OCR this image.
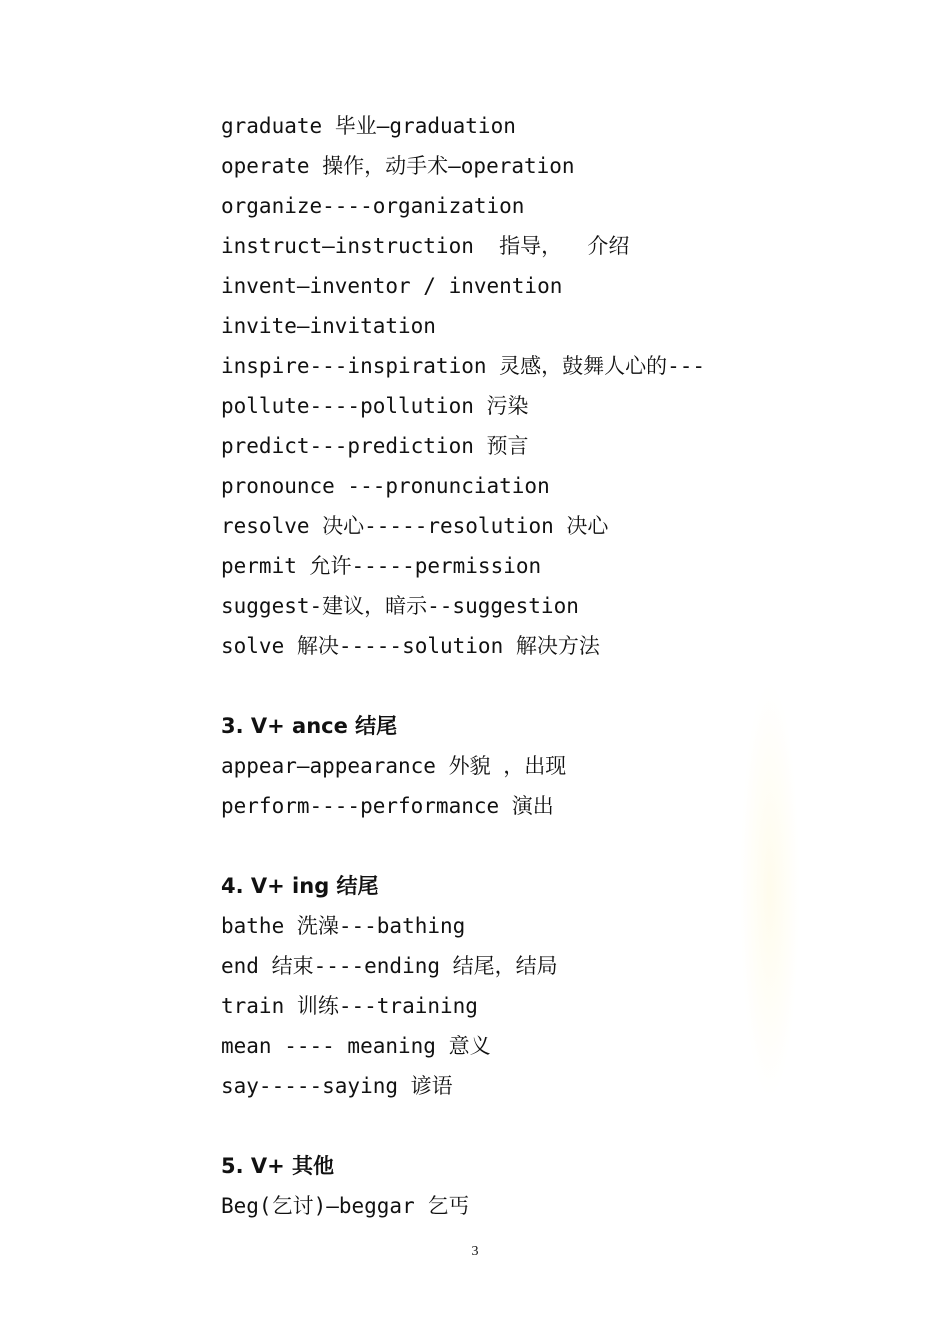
graduate 毕业—graduation
operate 操作，动手术—operation
organize----organization
instruct—instruction  指导，  介绍
invent—inventor / invention
invite—invitation
inspire---inspiration 灵感，鼓舞人心的---
pollute----pollution 污染
predict---prediction 预言
pronounce ---pronunciation
resolve 决心-----resolution 决心
permit 允许-----permission
suggest-建议，暗示--suggestion
solve 解决-----solution 解决方法
3. V+ ance 结尾
appear—appearance 外貌 ，出现
perform----performance 演出
4. V+ ing 结尾
bathe 洗澡---bathing
end 结束----ending 结尾，结局
train 训练---training
mean ---- meaning 意义
say-----saying 谚语
5. V+ 其他
Beg(乞讨)—beggar 乞丐
3
